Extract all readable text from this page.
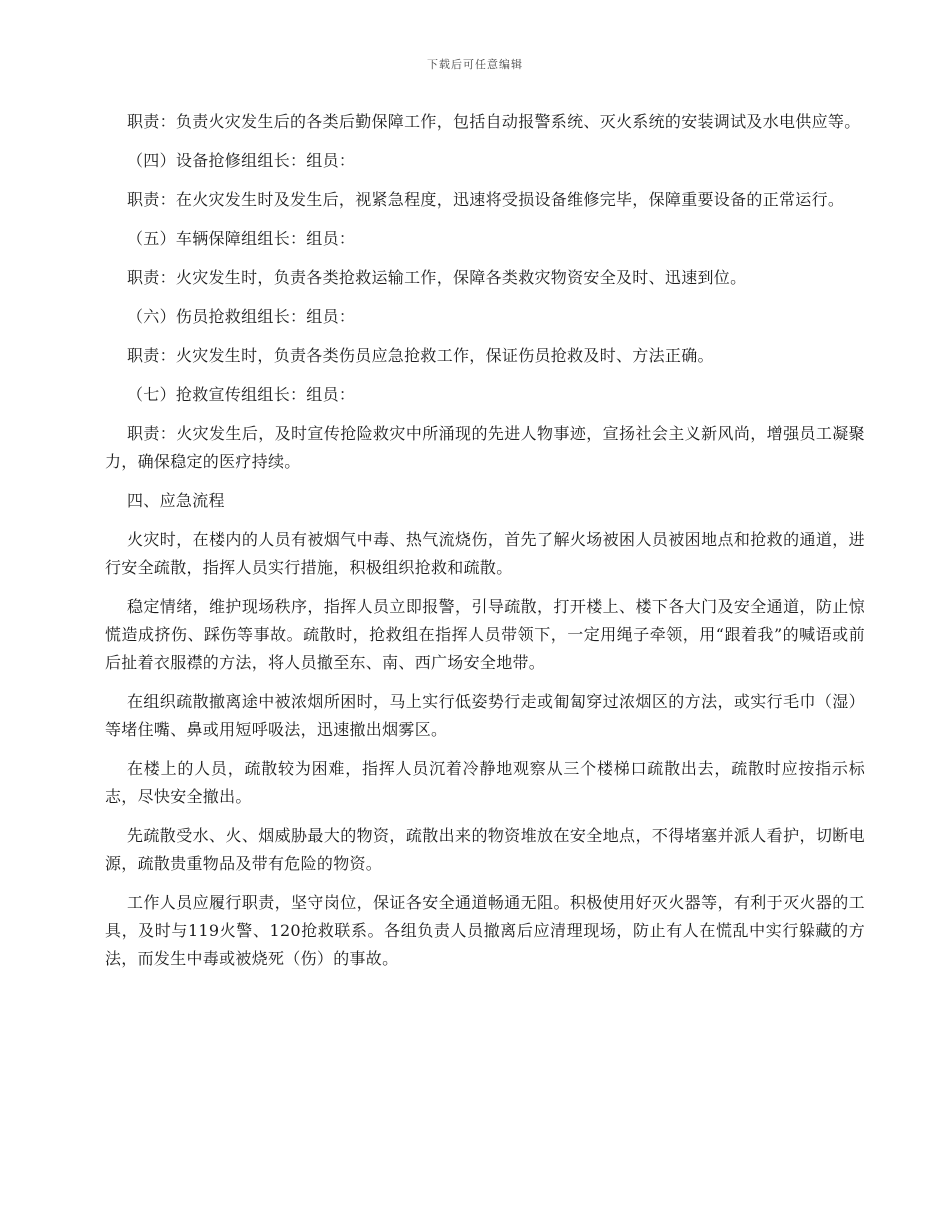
下载后可任意编辑

职责：负责火灾发生后的各类后勤保障工作，包括自动报警系统、灭火系统的安装调试及水电供应等。

（四）设备抢修组组长：组员：

职责：在火灾发生时及发生后，视紧急程度，迅速将受损设备维修完毕，保障重要设备的正常运行。

（五）车辆保障组组长：组员：

职责：火灾发生时，负责各类抢救运输工作，保障各类救灾物资安全及时、迅速到位。

（六）伤员抢救组组长：组员：

职责：火灾发生时，负责各类伤员应急抢救工作，保证伤员抢救及时、方法正确。

（七）抢救宣传组组长：组员：

职责：火灾发生后，及时宣传抢险救灾中所涌现的先进人物事迹，宣扬社会主义新风尚，增强员工凝聚力，确保稳定的医疗持续。

四、应急流程

火灾时，在楼内的人员有被烟气中毒、热气流烧伤，首先了解火场被困人员被困地点和抢救的通道，进行安全疏散，指挥人员实行措施，积极组织抢救和疏散。

稳定情绪，维护现场秩序，指挥人员立即报警，引导疏散，打开楼上、楼下各大门及安全通道，防止惊慌造成挤伤、踩伤等事故。疏散时，抢救组在指挥人员带领下，一定用绳子牵领，用“跟着我”的喊语或前后扯着衣服襟的方法，将人员撤至东、南、西广场安全地带。

在组织疏散撤离途中被浓烟所困时，马上实行低姿势行走或匍匐穿过浓烟区的方法，或实行毛巾（湿）等堵住嘴、鼻或用短呼吸法，迅速撤出烟雾区。

在楼上的人员，疏散较为困难，指挥人员沉着冷静地观察从三个楼梯口疏散出去，疏散时应按指示标志，尽快安全撤出。

先疏散受水、火、烟威胁最大的物资，疏散出来的物资堆放在安全地点，不得堵塞并派人看护，切断电源，疏散贵重物品及带有危险的物资。

工作人员应履行职责，坚守岗位，保证各安全通道畅通无阻。积极使用好灭火器等，有利于灭火器的工具，及时与119火警、120抢救联系。各组负责人员撤离后应清理现场，防止有人在慌乱中实行躲藏的方法，而发生中毒或被烧死（伤）的事故。
